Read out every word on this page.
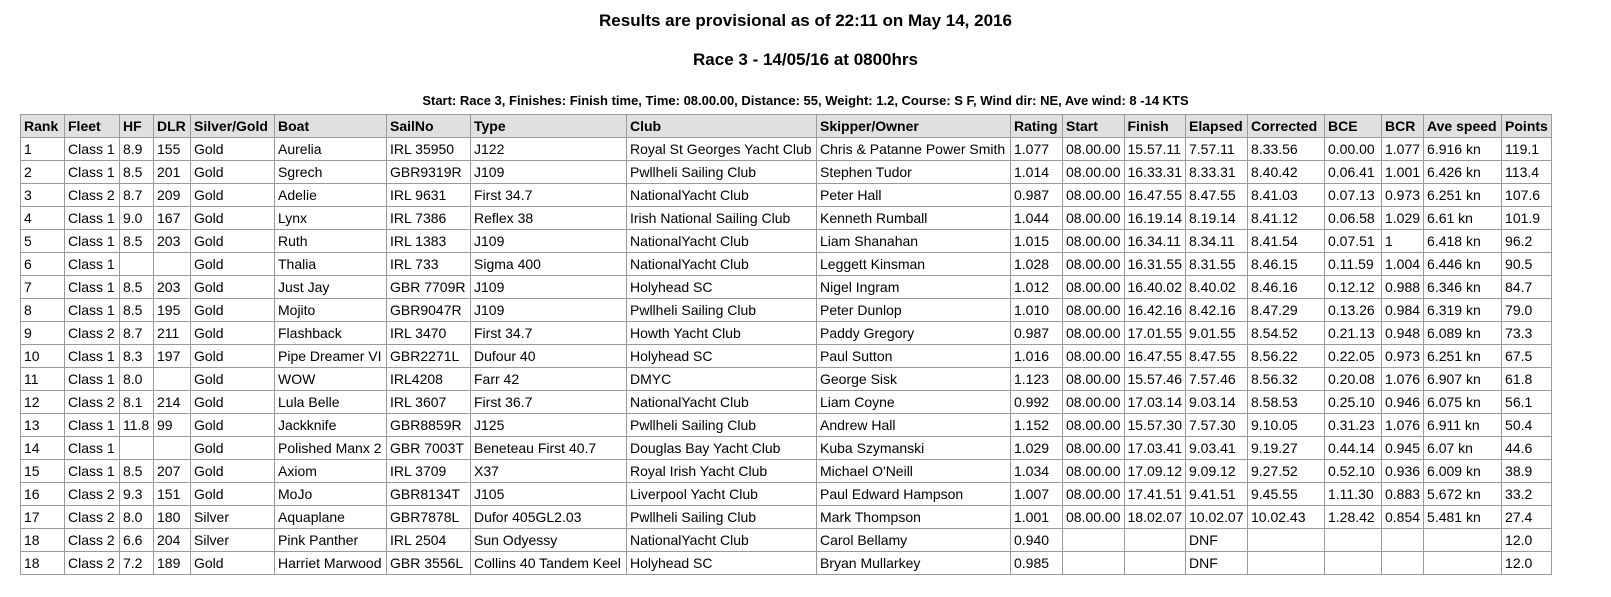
Results are provisional as of 22:11 on May 14, 2016
Race 3 - 14/05/16 at 0800hrs
Start: Race 3, Finishes: Finish time, Time: 08.00.00, Distance: 55, Weight: 1.2, Course: S F, Wind dir: NE, Ave wind: 8 -14 KTS
Rank	Fleet	HF	DLR	Silver/Gold	Boat	SailNo	Type	Club	Skipper/Owner	Rating	Start	Finish	Elapsed	Corrected	BCE	BCR	Ave speed	Points
1	Class 1	8.9	155	Gold	Aurelia	IRL 35950	J122	Royal St Georges Yacht Club	Chris & Patanne Power Smith	1.077	08.00.00	15.57.11	7.57.11	8.33.56	0.00.00	1.077	6.916 kn	119.1
2	Class 1	8.5	201	Gold	Sgrech	GBR9319R	J109	Pwllheli Sailing Club	Stephen Tudor	1.014	08.00.00	16.33.31	8.33.31	8.40.42	0.06.41	1.001	6.426 kn	113.4
3	Class 2	8.7	209	Gold	Adelie	IRL 9631	First 34.7	NationalYacht Club	Peter Hall	0.987	08.00.00	16.47.55	8.47.55	8.41.03	0.07.13	0.973	6.251 kn	107.6
4	Class 1	9.0	167	Gold	Lynx	IRL 7386	Reflex 38	Irish National Sailing Club	Kenneth Rumball	1.044	08.00.00	16.19.14	8.19.14	8.41.12	0.06.58	1.029	6.61 kn	101.9
5	Class 1	8.5	203	Gold	Ruth	IRL 1383	J109	NationalYacht Club	Liam Shanahan	1.015	08.00.00	16.34.11	8.34.11	8.41.54	0.07.51	1	6.418 kn	96.2
6	Class 1			Gold	Thalia	IRL 733	Sigma 400	NationalYacht Club	Leggett Kinsman	1.028	08.00.00	16.31.55	8.31.55	8.46.15	0.11.59	1.004	6.446 kn	90.5
7	Class 1	8.5	203	Gold	Just Jay	GBR 7709R	J109	Holyhead SC	Nigel Ingram	1.012	08.00.00	16.40.02	8.40.02	8.46.16	0.12.12	0.988	6.346 kn	84.7
8	Class 1	8.5	195	Gold	Mojito	GBR9047R	J109	Pwllheli Sailing Club	Peter Dunlop	1.010	08.00.00	16.42.16	8.42.16	8.47.29	0.13.26	0.984	6.319 kn	79.0
9	Class 2	8.7	211	Gold	Flashback	IRL 3470	First 34.7	Howth Yacht Club	Paddy Gregory	0.987	08.00.00	17.01.55	9.01.55	8.54.52	0.21.13	0.948	6.089 kn	73.3
10	Class 1	8.3	197	Gold	Pipe Dreamer VI	GBR2271L	Dufour 40	Holyhead SC	Paul Sutton	1.016	08.00.00	16.47.55	8.47.55	8.56.22	0.22.05	0.973	6.251 kn	67.5
11	Class 1	8.0		Gold	WOW	IRL4208	Farr 42	DMYC	George Sisk	1.123	08.00.00	15.57.46	7.57.46	8.56.32	0.20.08	1.076	6.907 kn	61.8
12	Class 2	8.1	214	Gold	Lula Belle	IRL 3607	First 36.7	NationalYacht Club	Liam Coyne	0.992	08.00.00	17.03.14	9.03.14	8.58.53	0.25.10	0.946	6.075 kn	56.1
13	Class 1	11.8	99	Gold	Jackknife	GBR8859R	J125	Pwllheli Sailing Club	Andrew Hall	1.152	08.00.00	15.57.30	7.57.30	9.10.05	0.31.23	1.076	6.911 kn	50.4
14	Class 1			Gold	Polished Manx 2	GBR 7003T	Beneteau First 40.7	Douglas Bay Yacht Club	Kuba Szymanski	1.029	08.00.00	17.03.41	9.03.41	9.19.27	0.44.14	0.945	6.07 kn	44.6
15	Class 1	8.5	207	Gold	Axiom	IRL 3709	X37	Royal Irish Yacht Club	Michael O'Neill	1.034	08.00.00	17.09.12	9.09.12	9.27.52	0.52.10	0.936	6.009 kn	38.9
16	Class 2	9.3	151	Gold	MoJo	GBR8134T	J105	Liverpool Yacht Club	Paul Edward Hampson	1.007	08.00.00	17.41.51	9.41.51	9.45.55	1.11.30	0.883	5.672 kn	33.2
17	Class 2	8.0	180	Silver	Aquaplane	GBR7878L	Dufor 405GL2.03	Pwllheli Sailing Club	Mark Thompson	1.001	08.00.00	18.02.07	10.02.07	10.02.43	1.28.42	0.854	5.481 kn	27.4
18	Class 2	6.6	204	Silver	Pink Panther	IRL 2504	Sun Odyessy	NationalYacht Club	Carol Bellamy	0.940			DNF					12.0
18	Class 2	7.2	189	Gold	Harriet Marwood	GBR 3556L	Collins 40 Tandem Keel	Holyhead SC	Bryan Mullarkey	0.985			DNF					12.0
